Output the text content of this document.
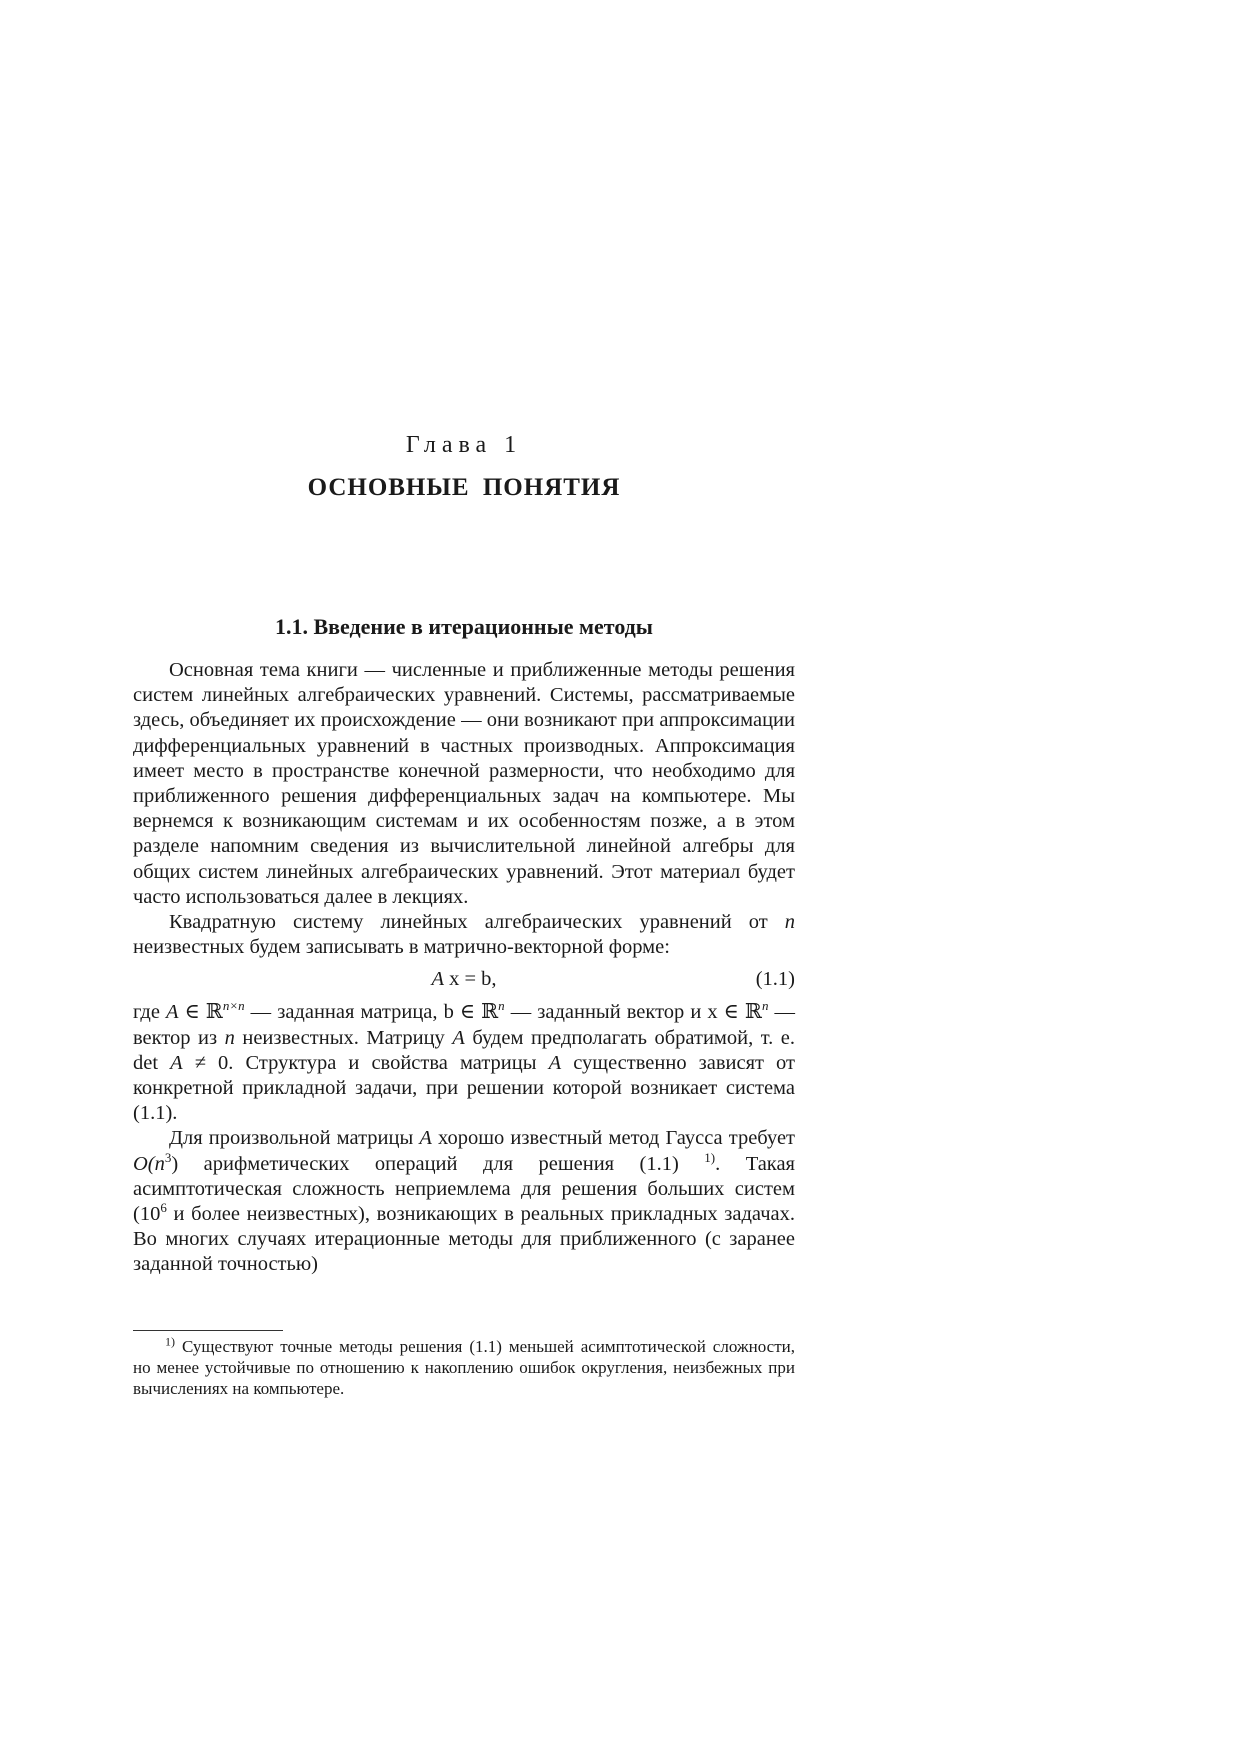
Глава 1
ОСНОВНЫЕ ПОНЯТИЯ
1.1. Введение в итерационные методы

Основная тема книги — численные и приближенные методы решения систем линейных алгебраических уравнений. Системы, рассматриваемые здесь, объединяет их происхождение — они возникают при аппроксимации дифференциальных уравнений в частных производных. Аппроксимация имеет место в пространстве конечной размерности, что необходимо для приближенного решения дифференциальных задач на компьютере. Мы вернемся к возникающим системам и их особенностям позже, а в этом разделе напомним сведения из вычислительной линейной алгебры для общих систем линейных алгебраических уравнений. Этот материал будет часто использоваться далее в лекциях.

Квадратную систему линейных алгебраических уравнений от n неизвестных будем записывать в матрично-векторной форме:

A x = b,	(1.1)

где A ∈ ℝ$^{n\times n}$ — заданная матрица, b ∈ ℝ$^n$ — заданный вектор и x ∈ ℝ$^n$ — вектор из n неизвестных. Матрицу A будем предполагать обратимой, т. е. det A ≠ 0. Структура и свойства матрицы A существенно зависят от конкретной прикладной задачи, при решении которой возникает система (1.1).

Для произвольной матрицы A хорошо известный метод Гаусса требует $O(n^3)$ арифметических операций для решения (1.1) $^{1)}$. Такая асимптотическая сложность неприемлема для решения больших систем ($10^6$ и более неизвестных), возникающих в реальных прикладных задачах. Во многих случаях итерационные методы для приближенного (с заранее заданной точностью)

$^{1)}$ Существуют точные методы решения (1.1) меньшей асимптотической сложности, но менее устойчивые по отношению к накоплению ошибок округления, неизбежных при вычислениях на компьютере.
